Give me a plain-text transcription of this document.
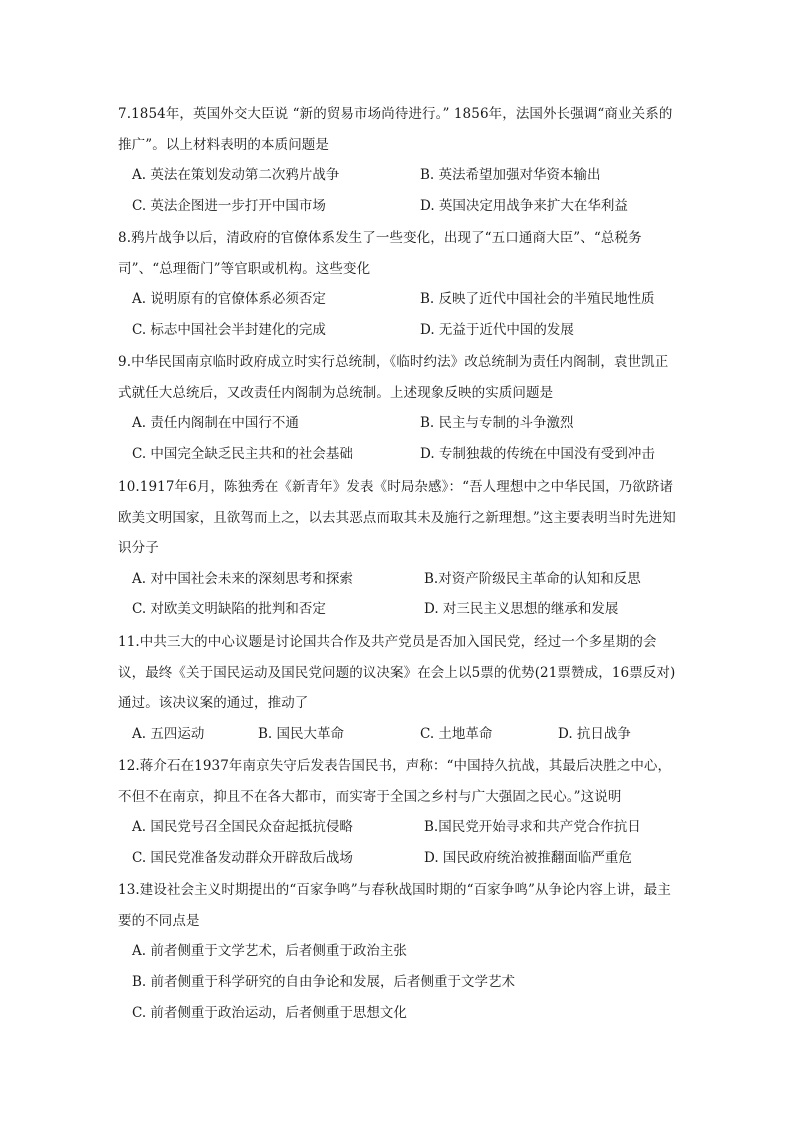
7.1854年，英国外交大臣说 “新的贸易市场尚待进行。” 1856年，法国外长强调“商业关系的推广”。以上材料表明的本质问题是
A. 英法在策划发动第二次鸦片战争	B. 英法希望加强对华资本输出
C. 英法企图进一步打开中国市场	D. 英国决定用战争来扩大在华利益
8.鸦片战争以后，清政府的官僚体系发生了一些变化，出现了“五口通商大臣”、“总税务司”、“总理衙门”等官职或机构。这些变化
A. 说明原有的官僚体系必须否定	B. 反映了近代中国社会的半殖民地性质
C. 标志中国社会半封建化的完成	D. 无益于近代中国的发展
9.中华民国南京临时政府成立时实行总统制，《临时约法》改总统制为责任内阁制，袁世凯正式就任大总统后，又改责任内阁制为总统制。上述现象反映的实质问题是
A. 责任内阁制在中国行不通	B. 民主与专制的斗争激烈
C. 中国完全缺乏民主共和的社会基础	D. 专制独裁的传统在中国没有受到冲击
10.1917年6月，陈独秀在《新青年》发表《时局杂感》：“吾人理想中之中华民国，乃欲跻诸欧美文明国家，且欲驾而上之，以去其恶点而取其未及施行之新理想。”这主要表明当时先进知识分子
A. 对中国社会未来的深刻思考和探索	B.对资产阶级民主革命的认知和反思
C. 对欧美文明缺陷的批判和否定	D. 对三民主义思想的继承和发展
11.中共三大的中心议题是讨论国共合作及共产党员是否加入国民党，经过一个多星期的会议，最终《关于国民运动及国民党问题的议决案》在会上以5票的优势(21票赞成，16票反对)通过。该决议案的通过，推动了
A. 五四运动	B. 国民大革命	C. 土地革命	D. 抗日战争
12.蒋介石在1937年南京失守后发表告国民书，声称：“中国持久抗战，其最后决胜之中心，不但不在南京，抑且不在各大都市，而实寄于全国之乡村与广大强固之民心。”这说明
A. 国民党号召全国民众奋起抵抗侵略	B.国民党开始寻求和共产党合作抗日
C. 国民党准备发动群众开辟敌后战场	D. 国民政府统治被推翻面临严重危
13.建设社会主义时期提出的“百家争鸣”与春秋战国时期的“百家争鸣”从争论内容上讲，最主要的不同点是
A. 前者侧重于文学艺术，后者侧重于政治主张
B. 前者侧重于科学研究的自由争论和发展，后者侧重于文学艺术
C. 前者侧重于政治运动，后者侧重于思想文化
